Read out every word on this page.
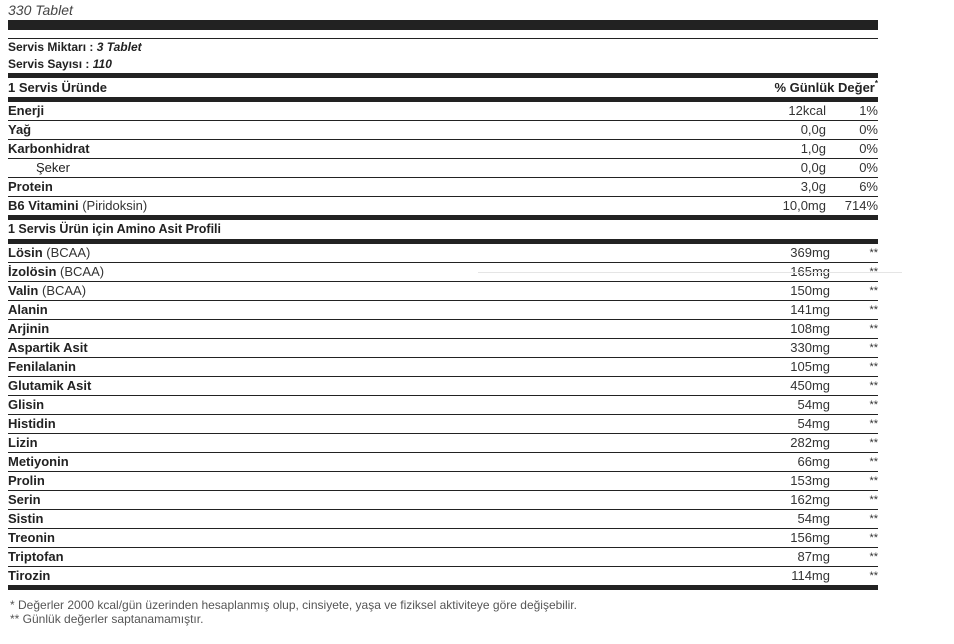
330 Tablet
Servis Miktarı : 3 Tablet
Servis Sayısı : 110
1 Servis Üründe	% Günlük Değer*
Enerji	12kcal	1%
Yağ	0,0g	0%
Karbonhidrat	1,0g	0%
Şeker	0,0g	0%
Protein	3,0g	6%
B6 Vitamini (Piridoksin)	10,0mg	714%
1 Servis Ürün için Amino Asit Profili
Lösin (BCAA)	369mg	**
İzolösin (BCAA)	165mg	**
Valin (BCAA)	150mg	**
Alanin	141mg	**
Arjinin	108mg	**
Aspartik Asit	330mg	**
Fenilalanin	105mg	**
Glutamik Asit	450mg	**
Glisin	54mg	**
Histidin	54mg	**
Lizin	282mg	**
Metiyonin	66mg	**
Prolin	153mg	**
Serin	162mg	**
Sistin	54mg	**
Treonin	156mg	**
Triptofan	87mg	**
Tirozin	114mg	**
* Değerler 2000 kcal/gün üzerinden hesaplanmış olup, cinsiyete, yaşa ve fiziksel aktiviteye göre değişebilir.
** Günlük değerler saptanamamıştır.
